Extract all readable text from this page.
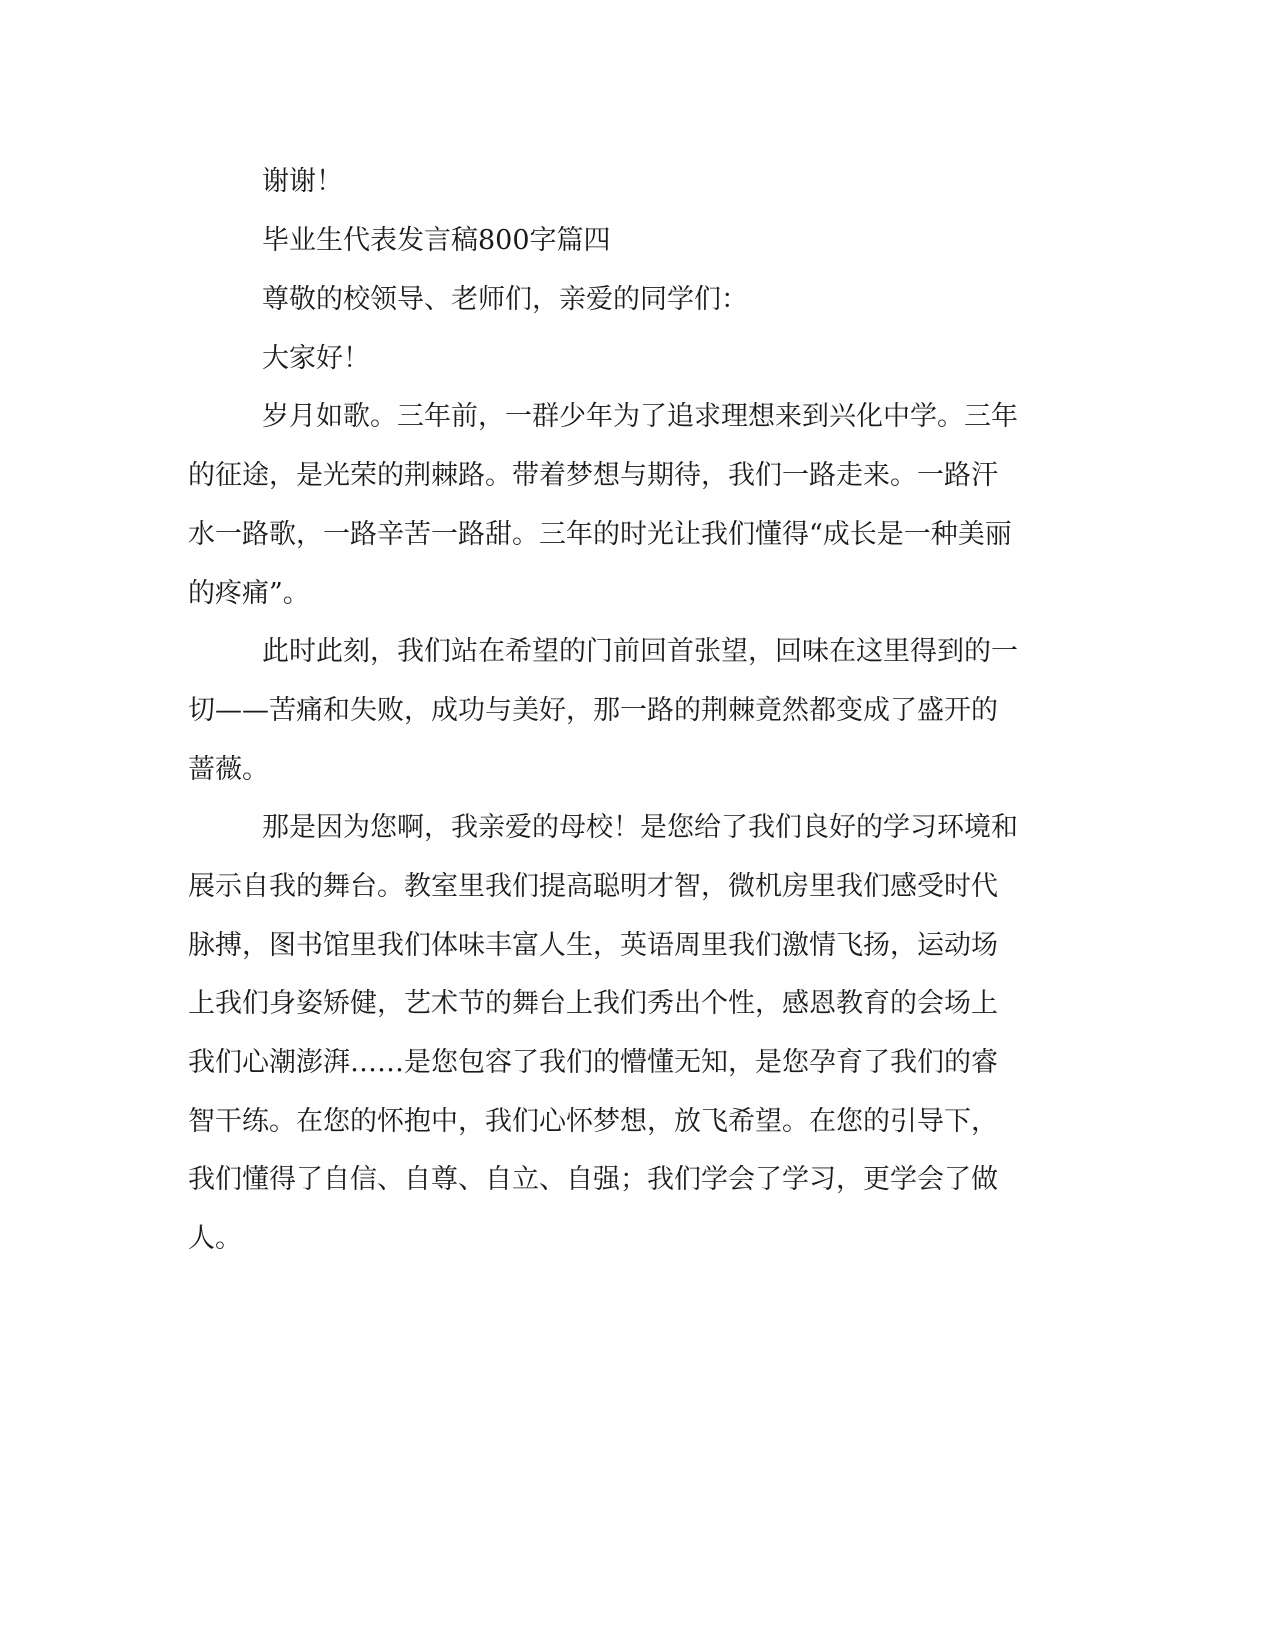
谢谢！
毕业生代表发言稿800字篇四
尊敬的校领导、老师们，亲爱的同学们：
大家好！
岁月如歌。三年前，一群少年为了追求理想来到兴化中学。三年
的征途，是光荣的荆棘路。带着梦想与期待，我们一路走来。一路汗
水一路歌，一路辛苦一路甜。三年的时光让我们懂得“成长是一种美丽
的疼痛”。
此时此刻，我们站在希望的门前回首张望，回味在这里得到的一
切——苦痛和失败，成功与美好，那一路的荆棘竟然都变成了盛开的
蔷薇。
那是因为您啊，我亲爱的母校！是您给了我们良好的学习环境和
展示自我的舞台。教室里我们提高聪明才智，微机房里我们感受时代
脉搏，图书馆里我们体味丰富人生，英语周里我们激情飞扬，运动场
上我们身姿矫健，艺术节的舞台上我们秀出个性，感恩教育的会场上
我们心潮澎湃……是您包容了我们的懵懂无知，是您孕育了我们的睿
智干练。在您的怀抱中，我们心怀梦想，放飞希望。在您的引导下，
我们懂得了自信、自尊、自立、自强；我们学会了学习，更学会了做
人。
